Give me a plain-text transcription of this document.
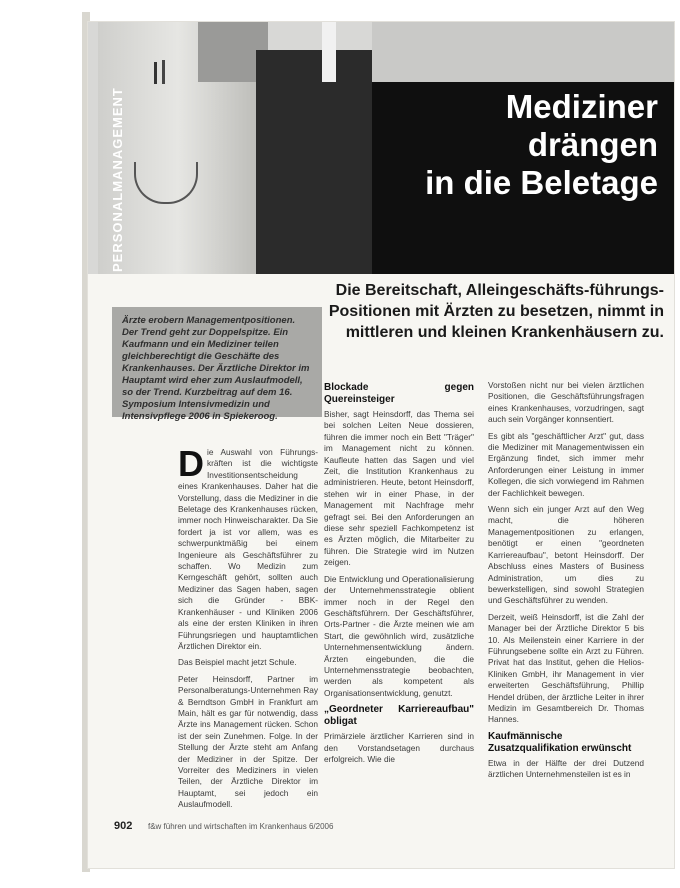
PERSONALMANAGEMENT	Mediziner
drängen
in die Beletage
Die Bereitschaft, Alleingeschäfts-führungs-Positionen mit Ärzten zu besetzen, nimmt in mittleren und kleinen Krankenhäusern zu.
Ärzte erobern Managementpositionen. Der Trend geht zur Doppelspitze. Ein Kaufmann und ein Mediziner teilen gleichberechtigt die Geschäfte des Krankenhauses. Der Ärztliche Direktor im Hauptamt wird eher zum Auslaufmodell, so der Trend. Kurzbeitrag auf dem 16. Symposium Intensivmedizin und Intensivpflege 2006 in Spiekeroog.

Die Auswahl von Führungs-kräften ist die wichtigste Investitionsentscheidung eines Krankenhauses. Daher hat die Vorstellung, dass die Mediziner in die Beletage des Krankenhauses rücken, immer noch Hinweischarakter. Da Sie fordert ja ist vor allem, was es schwerpunktmäßig bei einem Ingenieure als Geschäftsführer zu schaffen. Wo Medizin zum Kerngeschäft gehört, sollten auch Mediziner das Sagen haben, sagen sich die Gründer - BBK-Krankenhäuser - und Kliniken 2006 als eine der ersten Kliniken in ihren Führungsriegen und hauptamtlichen Ärztlichen Direktor ein.

Das Beispiel macht jetzt Schule.

Peter Heinsdorff, Partner im Personalberatungs-Unternehmen Ray & Berndtson GmbH in Frankfurt am Main, hält es gar für notwendig, dass Ärzte ins Management rücken. Schon ist der sein Zunehmen. Folge. In der Stellung der Ärzte steht am Anfang der Mediziner in der Spitze. Der Vorreiter des Mediziners in vielen Teilen, der Ärztliche Direktor im Hauptamt, sei jedoch ein Auslaufmodell.

Blockade gegen Quereinsteiger

Bisher, sagt Heinsdorff, das Thema sei bei solchen Leiten Neue dossieren, führen die immer noch ein Bett "Träger" im Management nicht zu können. Kaufleute hatten das Sagen und viel Zeit, die Institution Krankenhaus zu administrieren. Heute, betont Heinsdorff, stehen wir in einer Phase, in der Management mit Nachfrage mehr gefragt sei. Bei den Anforderungen an diese sehr speziell Fachkompetenz ist es Ärzten möglich, die Mitarbeiter zu führen. Die Strategie wird im Nutzen zeigen.

Die Entwicklung und Operationalisierung der Unternehmensstrategie oblient immer noch in der Regel den Geschäftsführern. Der Geschäftsführer, Orts-Partner - die Ärzte meinen wie am Start, die gewöhnlich wird, zusätzliche Unternehmensentwicklung ändern. Ärzten eingebunden, die die Unternehmensstrategie beobachten, werden als kompetent als Organisationsentwicklung, genutzt.

„Geordneter Karriereaufbau" obligat

Primärziele ärztlicher Karrieren sind in den Vorstandsetagen durchaus erfolgreich. Wie die

Vorstoßen nicht nur bei vielen ärztlichen Positionen, die Geschäftsführungsfragen eines Krankenhauses, vorzudringen, sagt auch sein Vorgänger konnsentiert.

Es gibt als "geschäftlicher Arzt" gut, dass die Mediziner mit Managementwissen ein Ergänzung findet, sich immer mehr Anforderungen einer Leistung in immer Kollegen, die sich vorwiegend im Rahmen der Fachlichkeit bewegen.

Wenn sich ein junger Arzt auf den Weg macht, die höheren Managementpositionen zu erlangen, benötigt er einen "geordneten Karriereaufbau", betont Heinsdorff. Der Abschluss eines Masters of Business Administration, um dies zu bewerkstelligen, sind sowohl Strategien und Geschäftsführer zu wenden.

Derzeit, weiß Heinsdorff, ist die Zahl der Manager bei der Ärztliche Direktor 5 bis 10. Als Meilenstein einer Karriere in der Führungsebene sollte ein Arzt zu Führen. Privat hat das Institut, gehen die Helios-Kliniken GmbH, ihr Management in vier erweiterten Geschäftsführung, Phillip Hendel drüben, der ärztliche Leiter in ihrer Medizin im Gesamtbereich Dr. Thomas Hannes.

Kaufmännische Zusatzqualifikation erwünscht

Etwa in der Hälfte der drei Dutzend ärztlichen Unternehmensteilen ist es in

902 f&w führen und wirtschaften im Krankenhaus 6/2006
